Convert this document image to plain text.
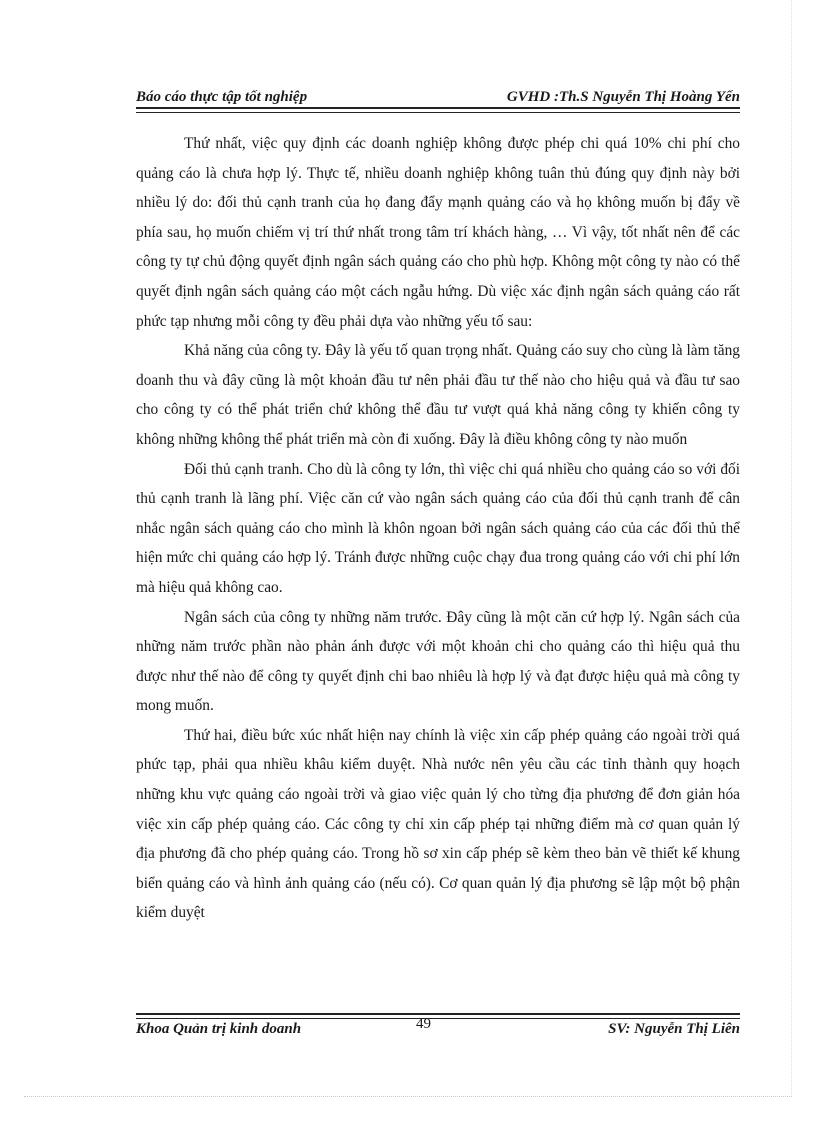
Báo cáo thực tập tốt nghiệp	GVHD :Th.S Nguyễn Thị Hoàng Yến

Thứ nhất, việc quy định các doanh nghiệp không được phép chi quá 10% chi phí cho quảng cáo là chưa hợp lý. Thực tế, nhiều doanh nghiệp không tuân thủ đúng quy định này bởi nhiều lý do: đối thủ cạnh tranh của họ đang đẩy mạnh quảng cáo và họ không muốn bị đẩy về phía sau, họ muốn chiếm vị trí thứ nhất trong tâm trí khách hàng, … Vì vậy, tốt nhất nên để các công ty tự chủ động quyết định ngân sách quảng cáo cho phù hợp. Không một công ty nào có thể quyết định ngân sách quảng cáo một cách ngẫu hứng. Dù việc xác định ngân sách quảng cáo rất phức tạp nhưng mỗi công ty đều phải dựa vào những yếu tố sau:

Khả năng của công ty. Đây là yếu tố quan trọng nhất. Quảng cáo suy cho cùng là làm tăng doanh thu và đây cũng là một khoản đầu tư nên phải đầu tư thế nào cho hiệu quả và đầu tư sao cho công ty có thể phát triển chứ không thể đầu tư vượt quá khả năng công ty khiến công ty không những không thể phát triển mà còn đi xuống. Đây là điều không công ty nào muốn

Đối thủ cạnh tranh. Cho dù là công ty lớn, thì việc chi quá nhiều cho quảng cáo so với đối thủ cạnh tranh là lãng phí. Việc căn cứ vào ngân sách quảng cáo của đối thủ cạnh tranh để cân nhắc ngân sách quảng cáo cho mình là khôn ngoan bởi ngân sách quảng cáo của các đối thủ thể hiện mức chi quảng cáo hợp lý. Tránh được những cuộc chạy đua trong quảng cáo với chi phí lớn mà hiệu quả không cao.

Ngân sách của công ty những năm trước. Đây cũng là một căn cứ hợp lý. Ngân sách của những năm trước phần nào phản ánh được với một khoản chi cho quảng cáo thì hiệu quả thu được như thế nào để công ty quyết định chi bao nhiêu là hợp lý và đạt được hiệu quả mà công ty mong muốn.

Thứ hai, điều bức xúc nhất hiện nay chính là việc xin cấp phép quảng cáo ngoài trời quá phức tạp, phải qua nhiều khâu kiểm duyệt. Nhà nước nên yêu cầu các tỉnh thành quy hoạch những khu vực quảng cáo ngoài trời và giao việc quản lý cho từng địa phương để đơn giản hóa việc xin cấp phép quảng cáo. Các công ty chỉ xin cấp phép tại những điểm mà cơ quan quản lý địa phương đã cho phép quảng cáo. Trong hồ sơ xin cấp phép sẽ kèm theo bản vẽ thiết kế khung biển quảng cáo và hình ảnh quảng cáo (nếu có). Cơ quan quản lý địa phương sẽ lập một bộ phận kiểm duyệt

Khoa Quản trị kinh doanh	49	SV: Nguyễn Thị Liên
